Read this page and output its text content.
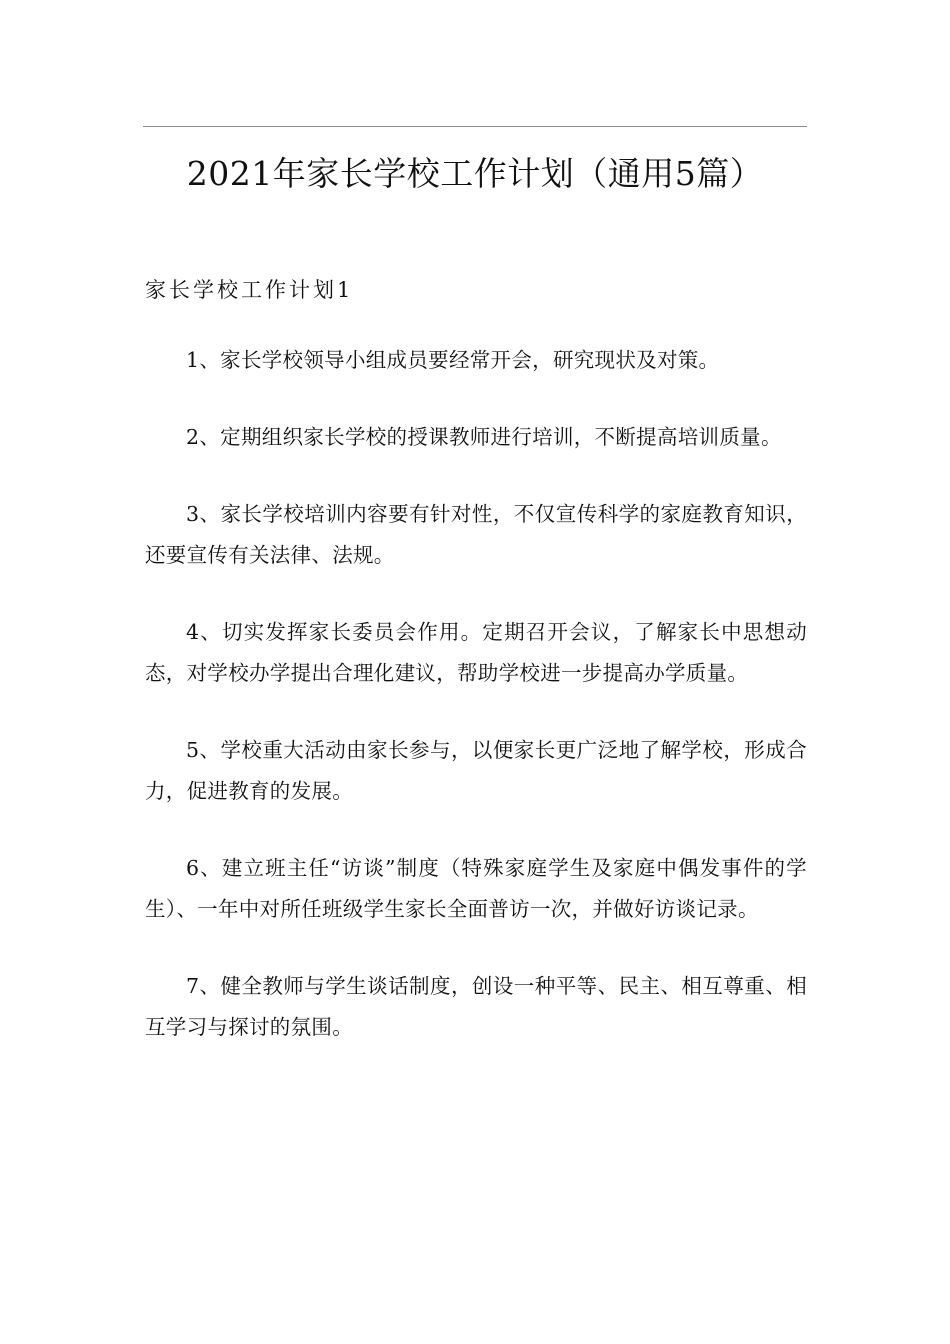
2021年家长学校工作计划（通用5篇）
家长学校工作计划1

1、家长学校领导小组成员要经常开会，研究现状及对策。

2、定期组织家长学校的授课教师进行培训，不断提高培训质量。

3、家长学校培训内容要有针对性，不仅宣传科学的家庭教育知识，还要宣传有关法律、法规。

4、切实发挥家长委员会作用。定期召开会议，了解家长中思想动态，对学校办学提出合理化建议，帮助学校进一步提高办学质量。

5、学校重大活动由家长参与，以便家长更广泛地了解学校，形成合力，促进教育的发展。

6、建立班主任“访谈”制度（特殊家庭学生及家庭中偶发事件的学生）、一年中对所任班级学生家长全面普访一次，并做好访谈记录。

7、健全教师与学生谈话制度，创设一种平等、民主、相互尊重、相互学习与探讨的氛围。
